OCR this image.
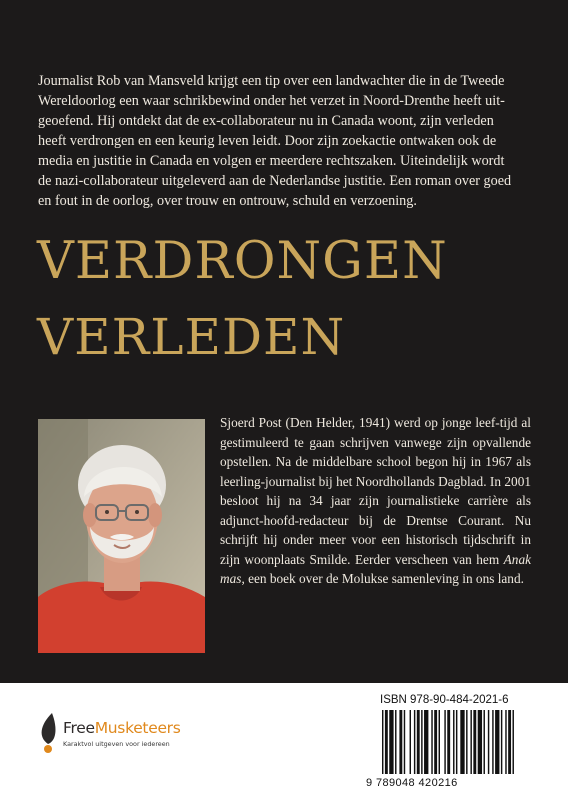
Journalist Rob van Mansveld krijgt een tip over een landwachter die in de Tweede
Wereldoorlog een waar schrikbewind onder het verzet in Noord-Drenthe heeft uit-
geoefend. Hij ontdekt dat de ex-collaborateur nu in Canada woont, zijn verleden
heeft verdrongen en een keurig leven leidt. Door zijn zoekactie ontwaken ook de
media en justitie in Canada en volgen er meerdere rechtszaken. Uiteindelijk wordt
de nazi-collaborateur uitgeleverd aan de Nederlandse justitie. Een roman over goed
en fout in de oorlog, over trouw en ontrouw, schuld en verzoening.

VERDRONGEN
VERLEDEN

Sjoerd Post (Den Helder, 1941) werd op jonge leef-tijd al gestimuleerd te gaan schrijven vanwege zijn opvallende opstellen. Na de middelbare school begon hij in 1967 als leerling-journalist bij het Noordhollands Dagblad. In 2001 besloot hij na 34 jaar zijn journalistieke carrière als adjunct-hoofd-redacteur bij de Drentse Courant. Nu schrijft hij onder meer voor een historisch tijdschrift in zijn woonplaats Smilde. Eerder verscheen van hem Anak mas, een boek over de Molukse samenleving in ons land.

FreeMusketeers
Karaktvol uitgeven voor iedereen
ISBN 978-90-484-2021-6
9 789048 420216
